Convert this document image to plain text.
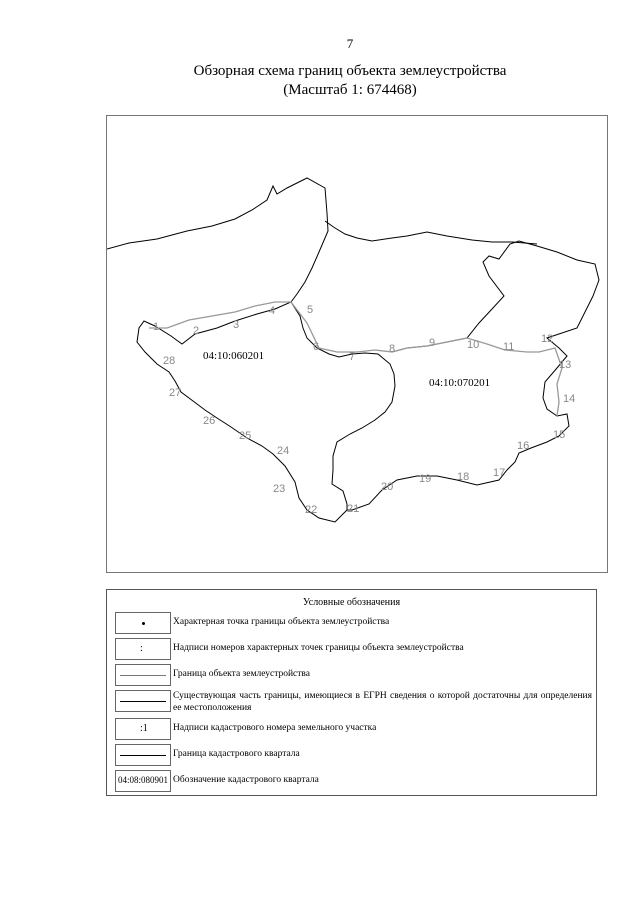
7
Обзорная схема границ объекта землеустройства
(Масштаб 1: 674468)
1	2	3
4	5
6
7
8	9	10 11
12
13
14
15
16
17
18
19
20
21
22
23
24
25
26
27
28	04:10:060201
04:10:070201
Условные обозначения
Характерная точка границы объекта землеустройства
:	Надписи номеров характерных точек границы объекта землеустройства
Граница объекта землеустройства
Существующая часть границы, имеющиеся в ЕГРН сведения о которой достаточны для определения ее местоположения
:1	Надписи кадастрового номера земельного участка
Граница кадастрового квартала
04:08:080901 Обозначение кадастрового квартала
